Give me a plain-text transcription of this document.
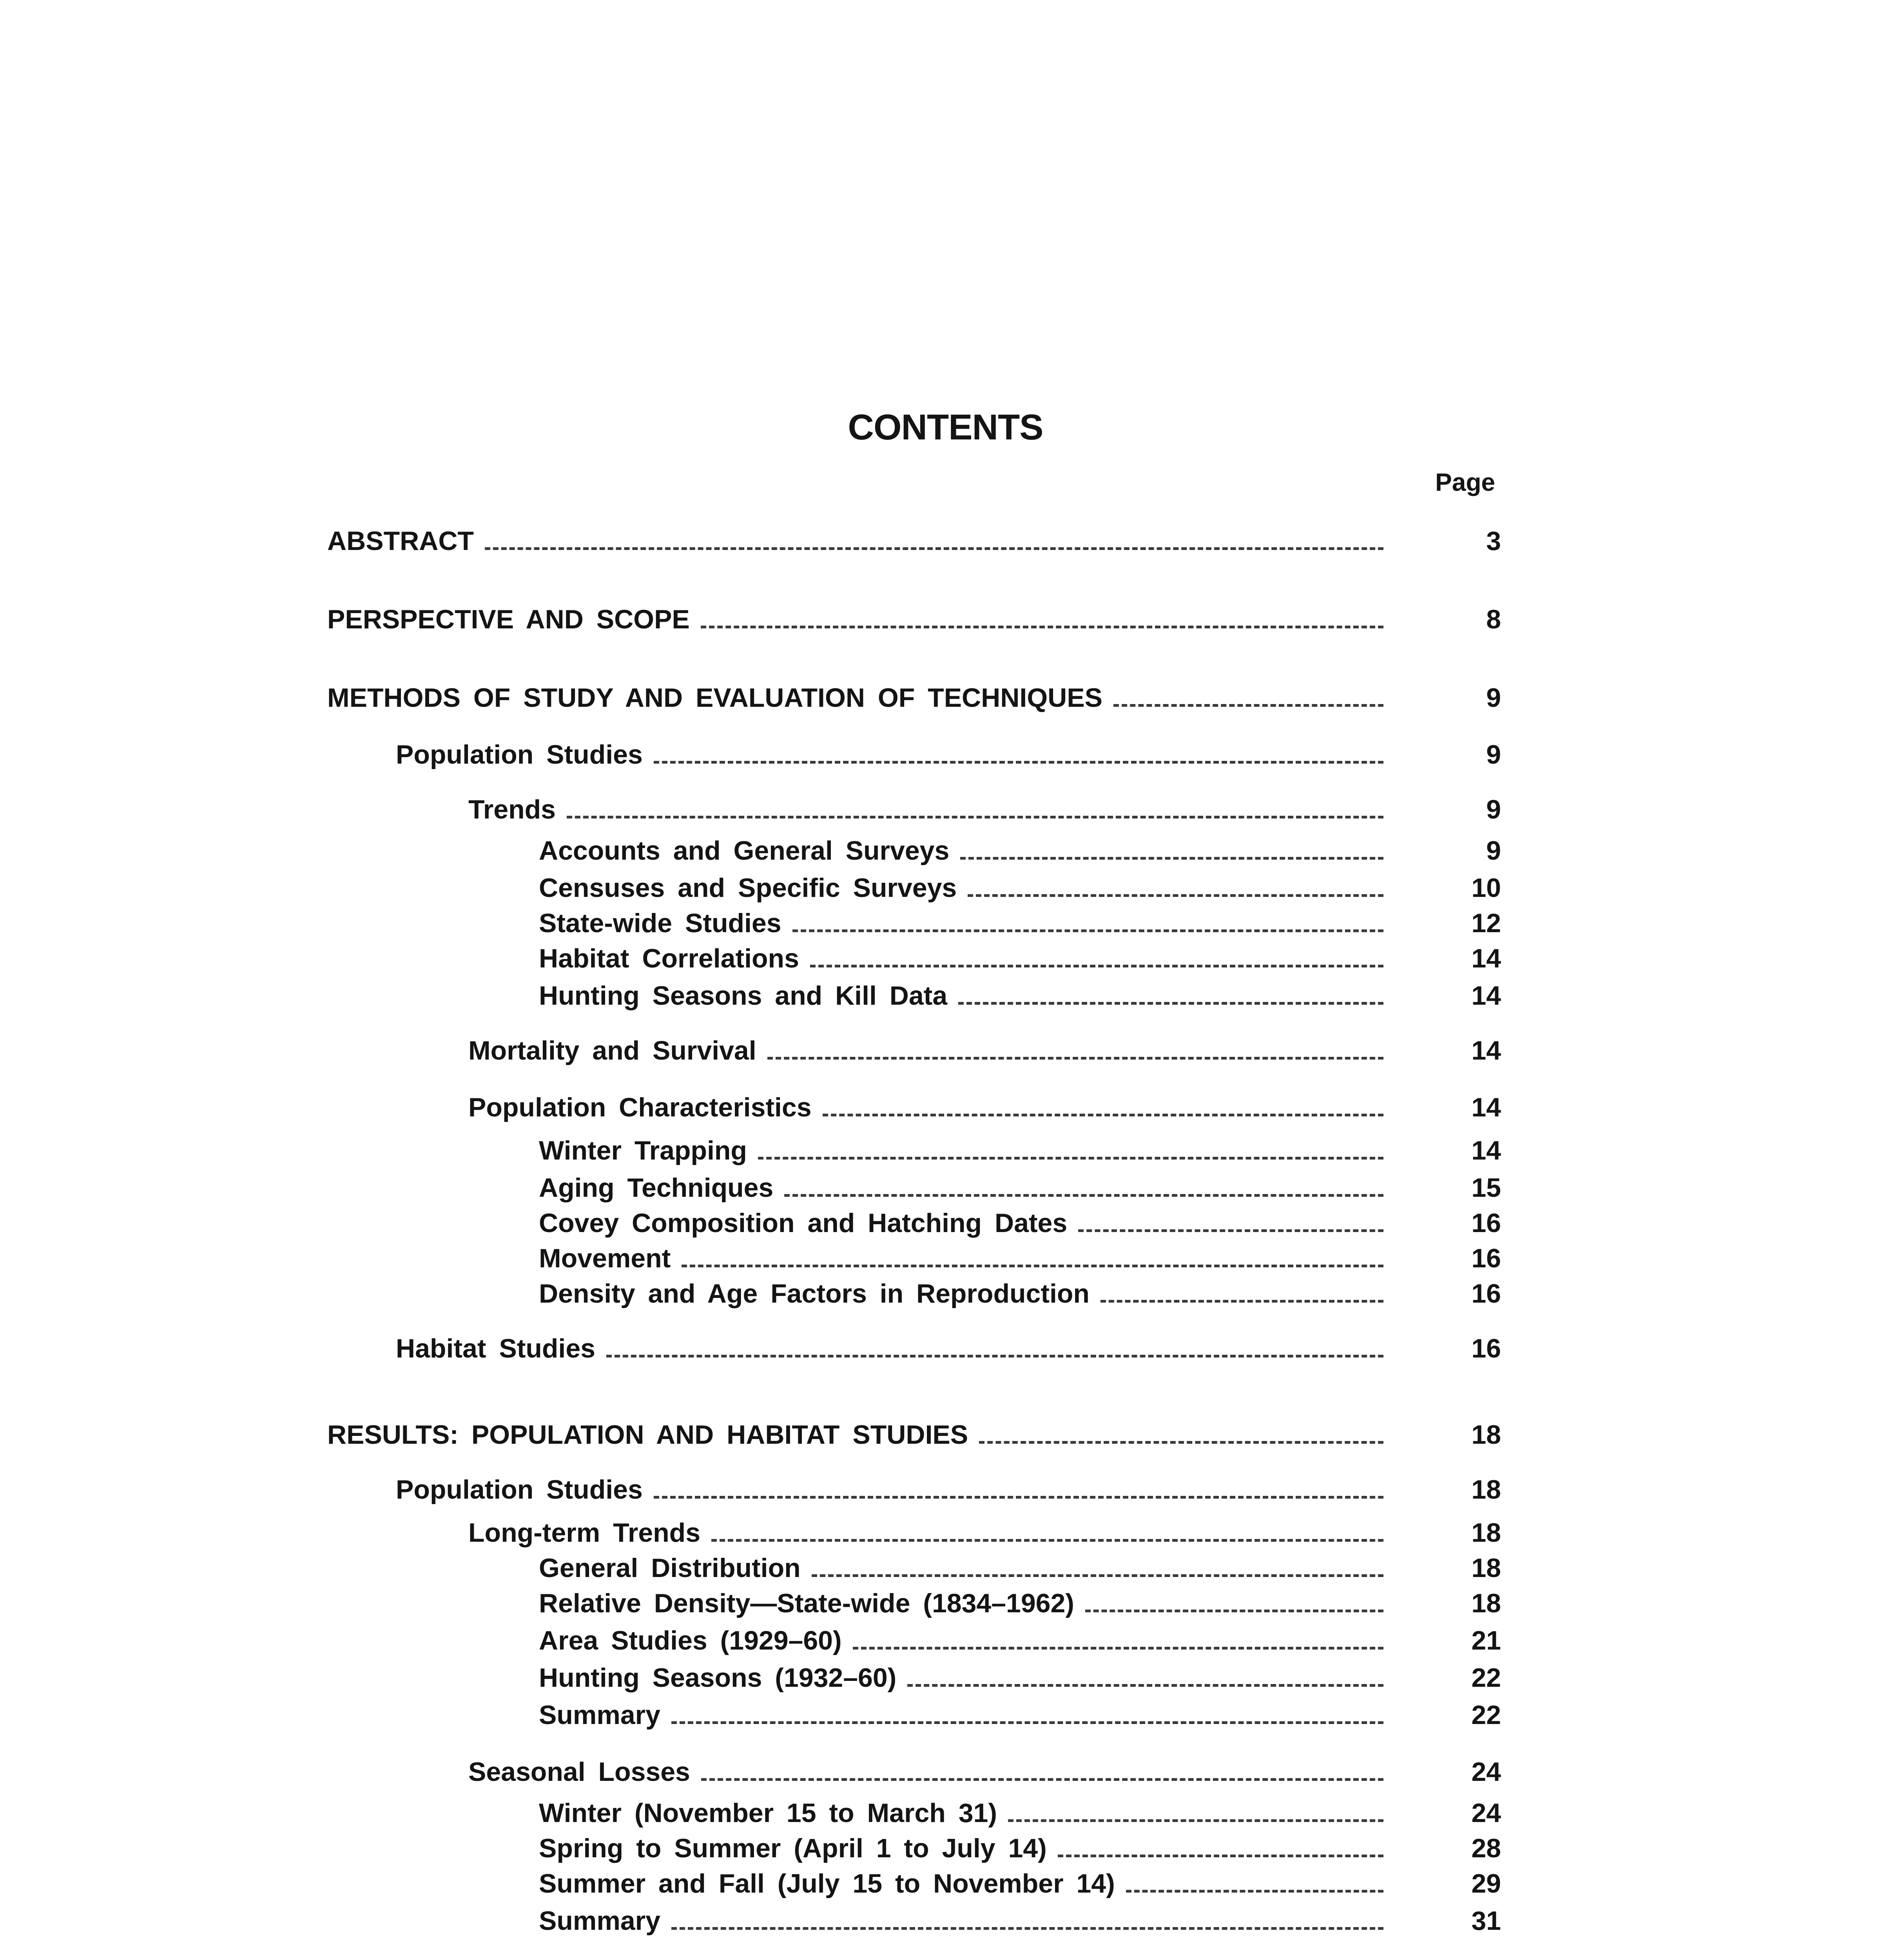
CONTENTS
Page
ABSTRACT	3
PERSPECTIVE AND SCOPE	8
METHODS OF STUDY AND EVALUATION OF TECHNIQUES	9
Population Studies	9
Trends	9
Accounts and General Surveys	9
Censuses and Specific Surveys	10
State-wide Studies	12
Habitat Correlations	14
Hunting Seasons and Kill Data	14
Mortality and Survival	14
Population Characteristics	14
Winter Trapping	14
Aging Techniques	15
Covey Composition and Hatching Dates	16
Movement	16
Density and Age Factors in Reproduction	16
Habitat Studies	16
RESULTS: POPULATION AND HABITAT STUDIES	18
Population Studies	18
Long-term Trends	18
General Distribution	18
Relative Density—State-wide (1834–1962)	18
Area Studies (1929–60)	21
Hunting Seasons (1932–60)	22
Summary	22
Seasonal Losses	24
Winter (November 15 to March 31)	24
Spring to Summer (April 1 to July 14)	28
Summer and Fall (July 15 to November 14)	29
Summary	31
